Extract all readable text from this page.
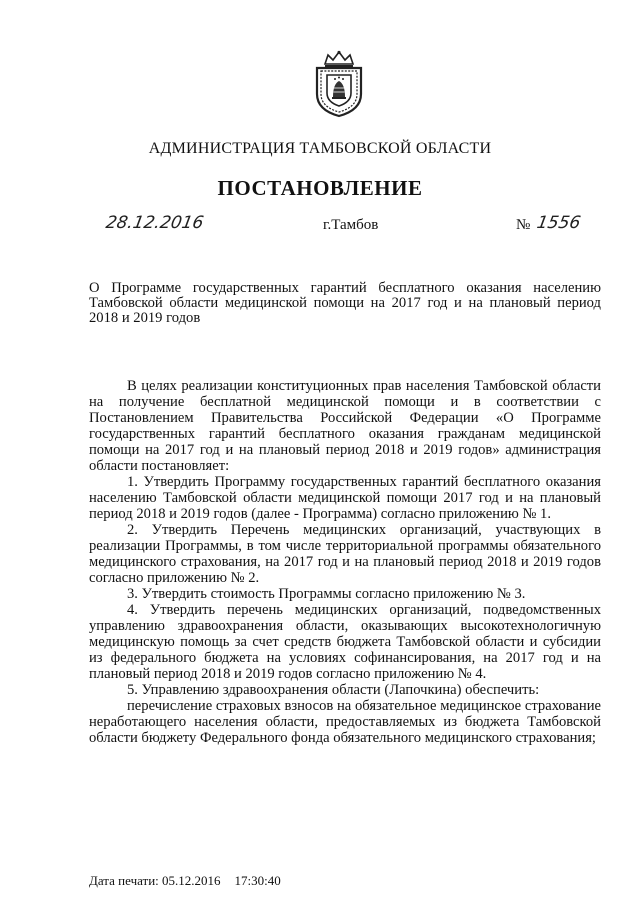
АДМИНИСТРАЦИЯ ТАМБОВСКОЙ ОБЛАСТИ
ПОСТАНОВЛЕНИЕ
28.12.2016	г.Тамбов	№ 1556
О Программе государственных гарантий бесплатного оказания населению Тамбовской области медицинской помощи на 2017 год и на плановый период 2018 и 2019 годов

В целях реализации конституционных прав населения Тамбовской области на получение бесплатной медицинской помощи и в соответствии с Постановлением Правительства Российской Федерации «О Программе государственных гарантий бесплатного оказания гражданам медицинской помощи на 2017 год и на плановый период 2018 и 2019 годов» администрация области постановляет:

1. Утвердить Программу государственных гарантий бесплатного оказания населению Тамбовской области медицинской помощи 2017 год и на плановый период 2018 и 2019 годов (далее - Программа) согласно приложению № 1.

2. Утвердить Перечень медицинских организаций, участвующих в реализации Программы, в том числе территориальной программы обязательного медицинского страхования, на 2017 год и на плановый период 2018 и 2019 годов согласно приложению № 2.

3. Утвердить стоимость Программы согласно приложению № 3.

4. Утвердить перечень медицинских организаций, подведомственных управлению здравоохранения области, оказывающих высокотехнологичную медицинскую помощь за счет средств бюджета Тамбовской области и субсидии из федерального бюджета на условиях софинансирования, на 2017 год и на плановый период 2018 и 2019 годов согласно приложению № 4.

5. Управлению здравоохранения области (Лапочкина) обеспечить:

перечисление страховых взносов на обязательное медицинское страхование неработающего населения области, предоставляемых из бюджета Тамбовской области бюджету Федерального фонда обязательного медицинского страхования;

Дата печати: 05.12.2016 17:30:40
